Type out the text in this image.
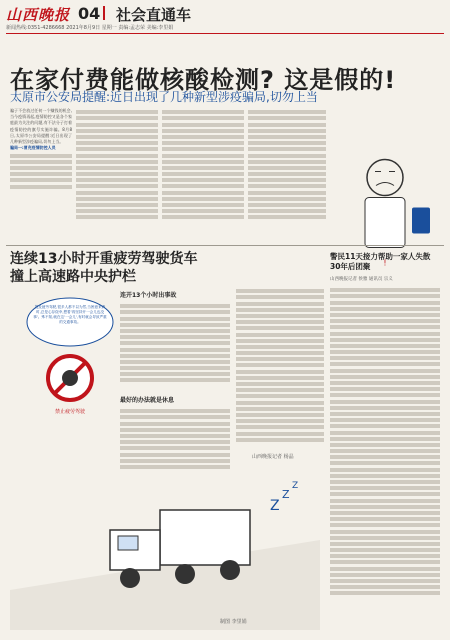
山西晚报 04	社会直通车
新闻热线:0351-4286668 2021年8月9日 星期一 责编:孟志荣 美编:李里娟
在家付费能做核酸检测? 这是假的!
太原市公安局提醒:近日出现了几种新型涉疫骗局,切勿上当
骗子不会放过任何一个赚钱的机会,当今疫情再起,疫情防控又是各个家庭最为关注的问题,有不法分子打着疫情防控的旗号实施诈骗。8月8日,太原市公安局提醒:近日出现了几种新型涉疫骗局,切勿上当。
骗局一:冒充疫情防控人员
!
连续13小时开重疲劳驾驶货车撞上高速路中央护栏
提及疲劳驾驶,很多人都不以为然,当困意来袭时,总是心存侥幸,想着'再坚持开一会儿也没事'。殊不知,就在这'一会儿',有时就会导致严重的交通事故。
禁止疲劳驾驶
连开13个小时出事故
最好的办法就是休息
警民11天接力帮助一家人失散30年后团聚
山西晚报记者 侯雅 通讯员 宗义
Z
Z
Z
山西晚报记者 杨晶
制图 李里娟
